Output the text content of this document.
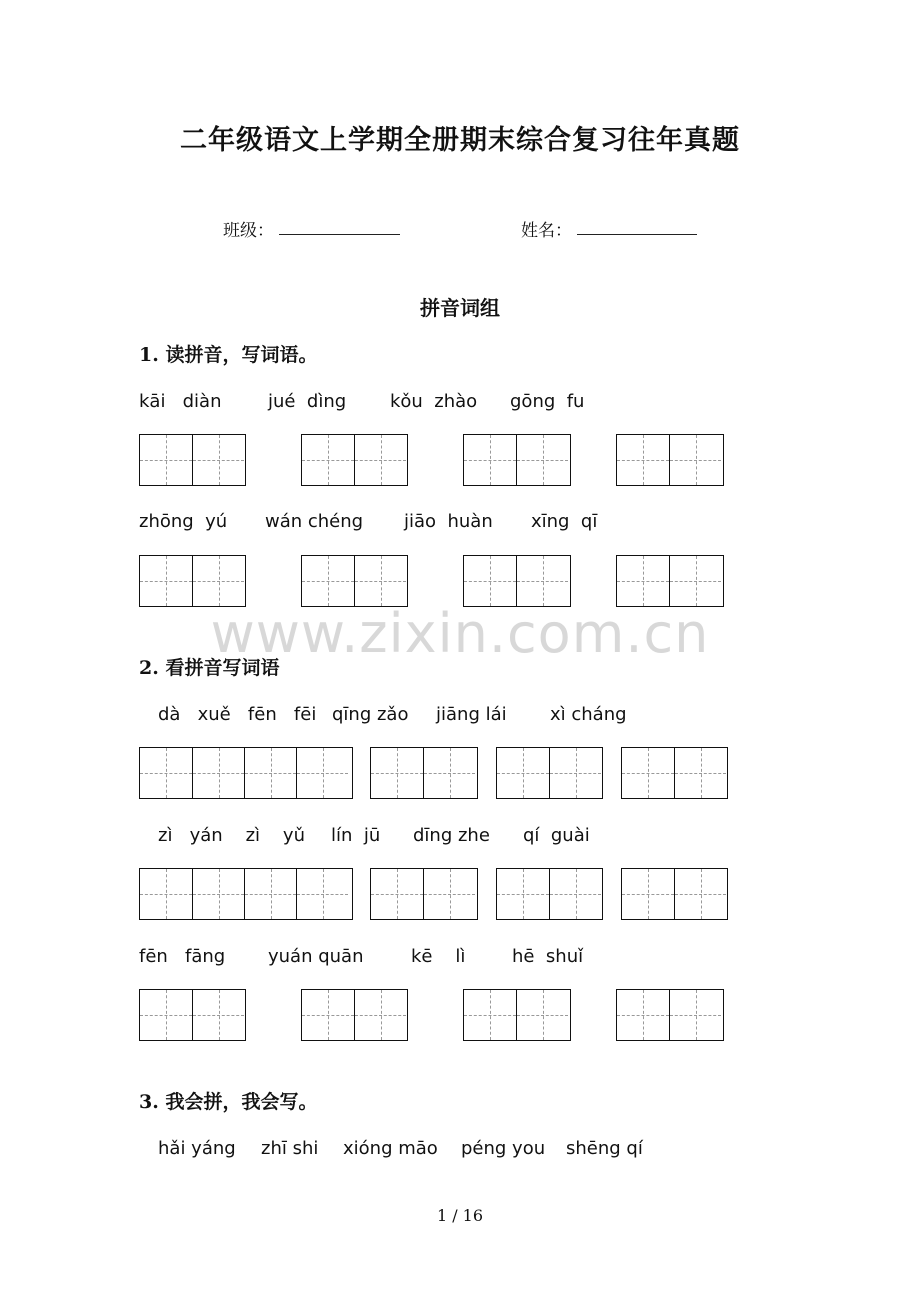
二年级语文上学期全册期末综合复习往年真题
班级：	姓名：
拼音词组
1. 读拼音，写词语。
kāi   diàn	jué  dìng kǒu  zhào gōng  fu
zhōng  yú wán chéng jiāo  huàn xīng  qī
www.zixin.com.cn
2. 看拼音写词语
dà   xuě   fēn   fēi qīng zǎo jiāng lái xì cháng
zì   yán    zì    yǔ lín  jū dīng zhe qí  guài
fēn   fāng yuán quān	kē    lì	hē  shuǐ
3. 我会拼，我会写。
hǎi yáng zhī shi xióng māo péng you shēng qí
1 / 16
